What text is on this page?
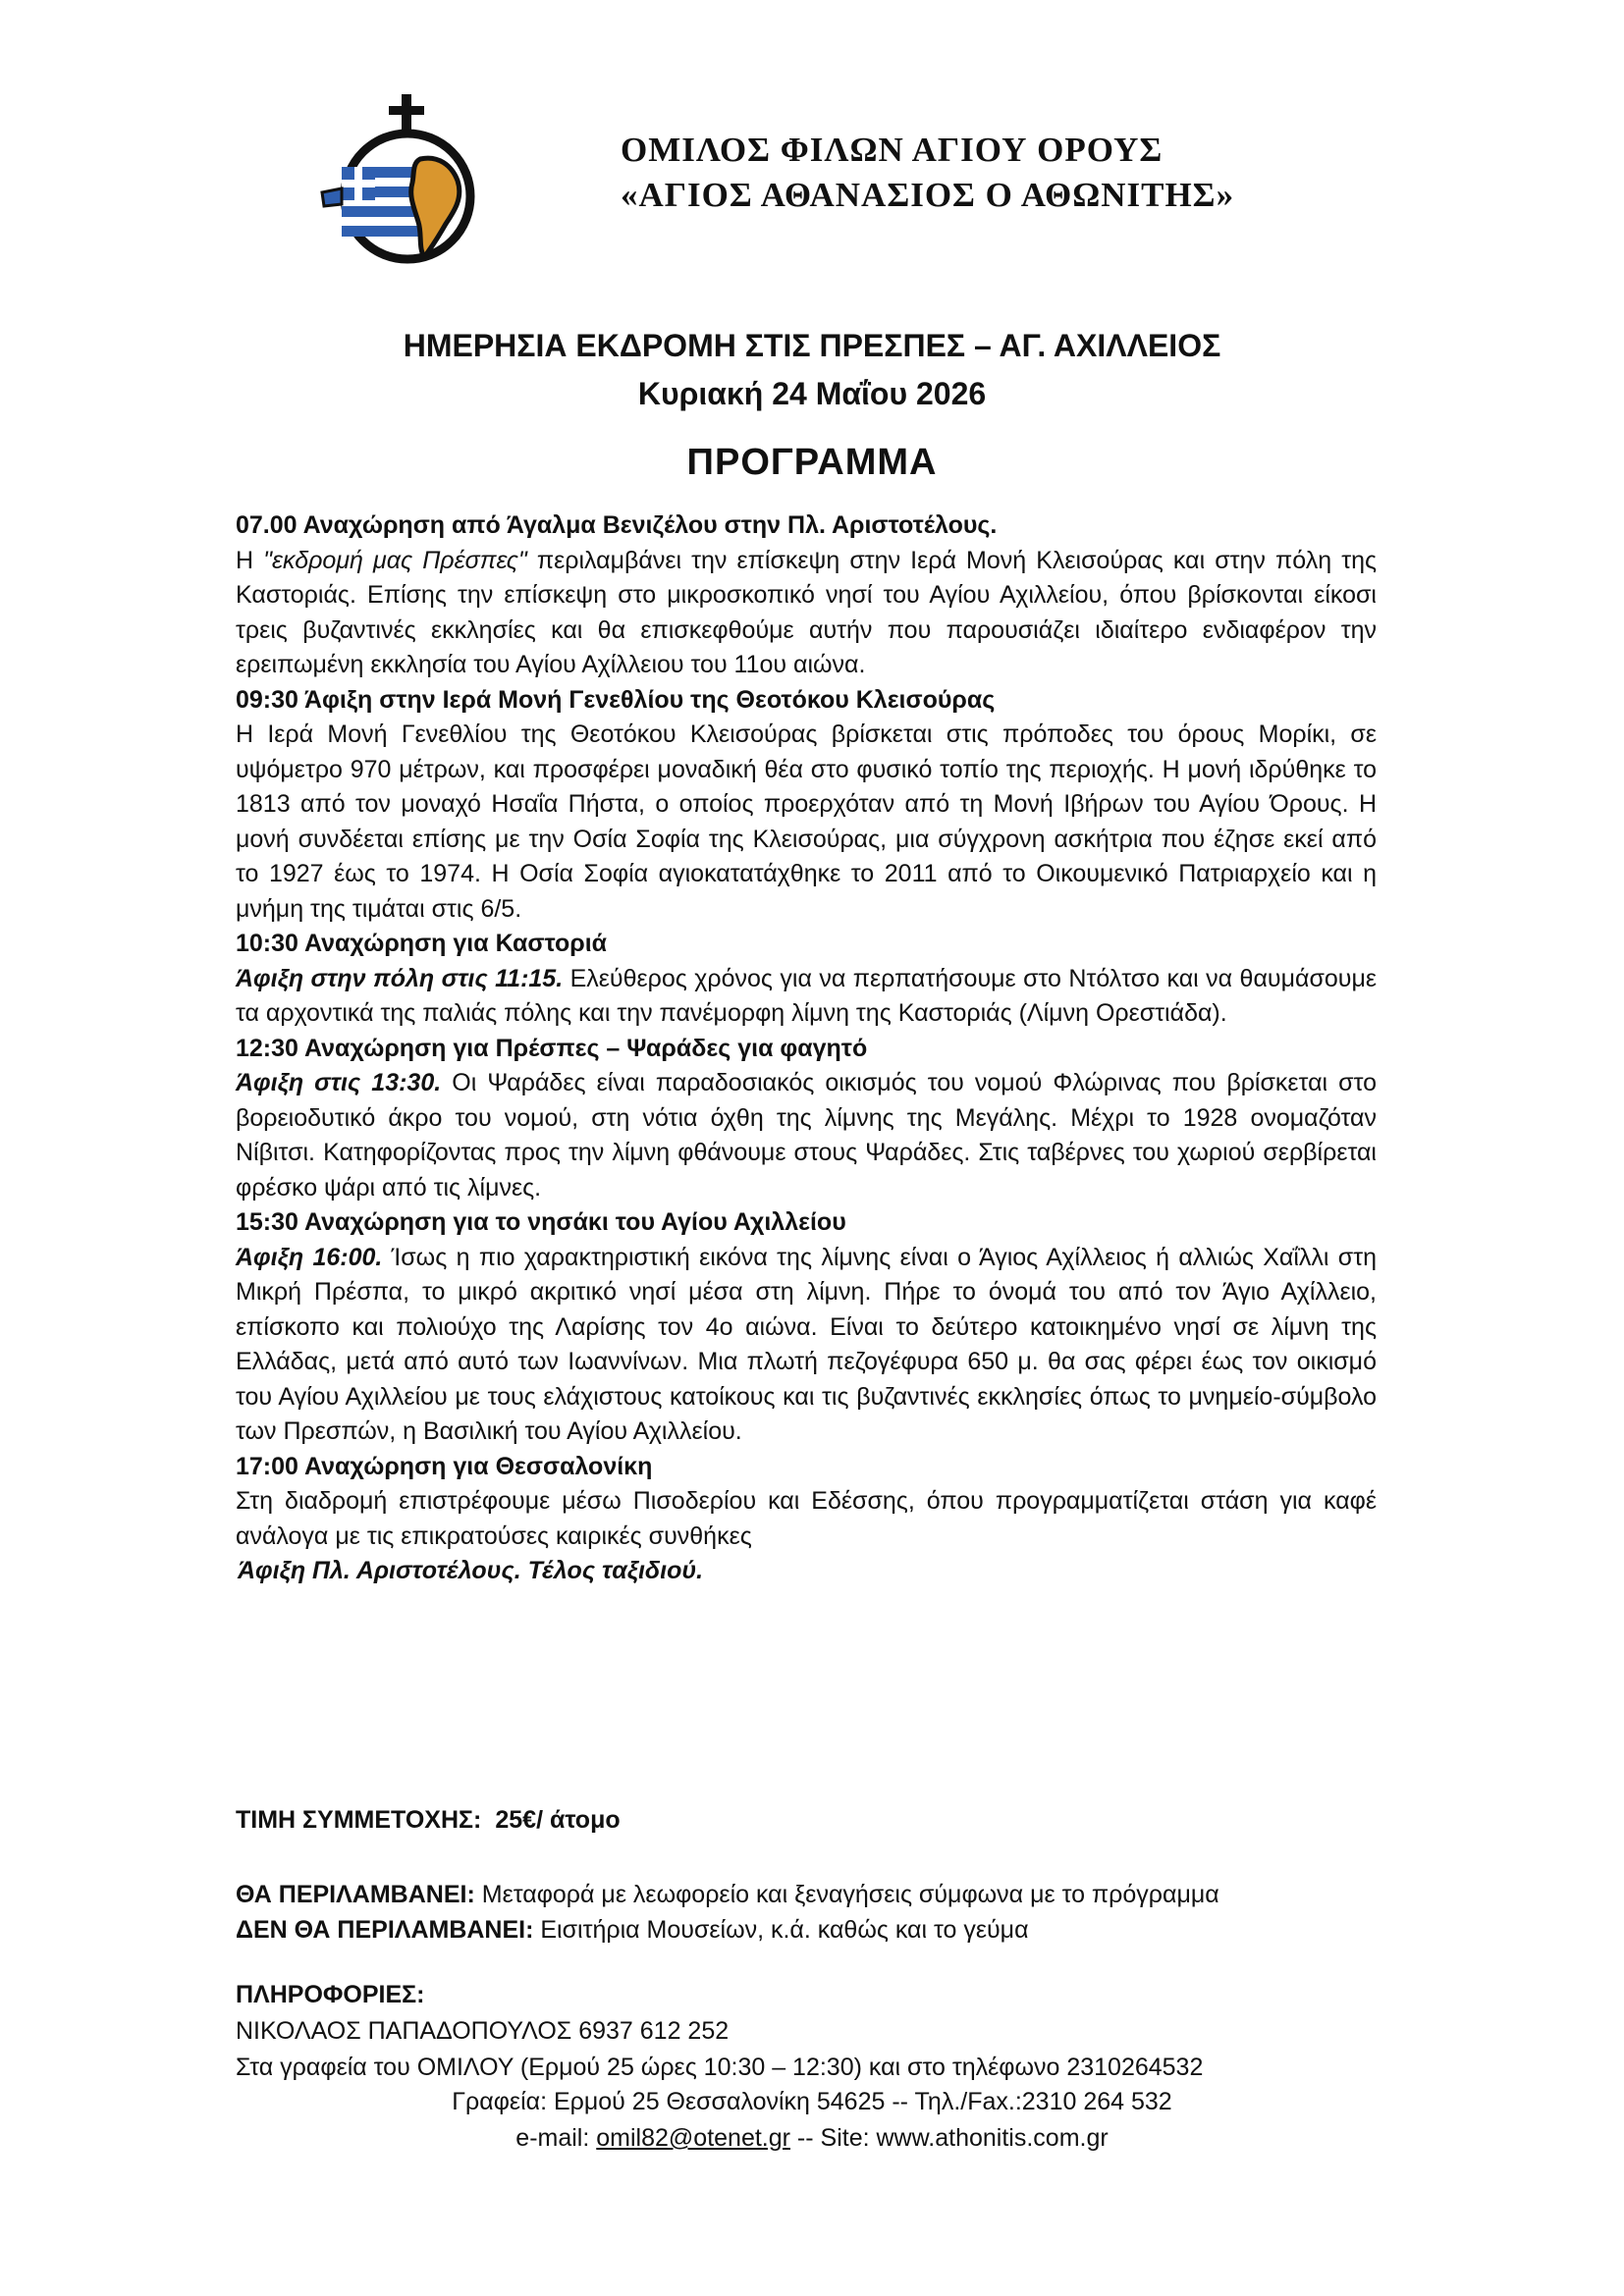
ΟΜΙΛΟΣ ΦΙΛΩΝ ΑΓΙΟΥ ΟΡΟΥΣ
«ΑΓΙΟΣ ΑΘΑΝΑΣΙΟΣ Ο ΑΘΩΝΙΤΗΣ»
ΗΜΕΡΗΣΙΑ ΕΚΔΡΟΜΗ ΣΤΙΣ ΠΡΕΣΠΕΣ – ΑΓ. ΑΧΙΛΛΕΙΟΣ
Κυριακή 24 Μαΐου 2026
ΠΡΟΓΡΑΜΜΑ

07.00 Αναχώρηση από Άγαλμα Βενιζέλου στην Πλ. Αριστοτέλους.

Η "εκδρομή μας Πρέσπες" περιλαμβάνει την επίσκεψη στην Ιερά Μονή Κλεισούρας και στην πόλη της Καστοριάς. Επίσης την επίσκεψη στο μικροσκοπικό νησί του Αγίου Αχιλλείου, όπου βρίσκονται είκοσι τρεις βυζαντινές εκκλησίες και θα επισκεφθούμε αυτήν που παρουσιάζει ιδιαίτερο ενδιαφέρον την ερειπωμένη εκκλησία του Αγίου Αχίλλειου του 11ου αιώνα.

09:30 Άφιξη στην Ιερά Μονή Γενεθλίου της Θεοτόκου Κλεισούρας

Η Ιερά Μονή Γενεθλίου της Θεοτόκου Κλεισούρας βρίσκεται στις πρόποδες του όρους Μορίκι, σε υψόμετρο 970 μέτρων, και προσφέρει μοναδική θέα στο φυσικό τοπίο της περιοχής. Η μονή ιδρύθηκε το 1813 από τον μοναχό Ησαΐα Πήστα, ο οποίος προερχόταν από τη Μονή Ιβήρων του Αγίου Όρους. Η μονή συνδέεται επίσης με την Οσία Σοφία της Κλεισούρας, μια σύγχρονη ασκήτρια που έζησε εκεί από το 1927 έως το 1974. Η Οσία Σοφία αγιοκατατάχθηκε το 2011 από το Οικουμενικό Πατριαρχείο και η μνήμη της τιμάται στις 6/5.

10:30 Αναχώρηση για Καστοριά

Άφιξη στην πόλη στις 11:15. Ελεύθερος χρόνος για να περπατήσουμε στο Ντόλτσο και να θαυμάσουμε τα αρχοντικά της παλιάς πόλης και την πανέμορφη λίμνη της Καστοριάς (Λίμνη Ορεστιάδα).

12:30 Αναχώρηση για Πρέσπες – Ψαράδες για φαγητό

Άφιξη στις 13:30. Οι Ψαράδες είναι παραδοσιακός οικισμός του νομού Φλώρινας που βρίσκεται στο βορειοδυτικό άκρο του νομού, στη νότια όχθη της λίμνης της Μεγάλης. Μέχρι το 1928 ονομαζόταν Νίβιτσι. Κατηφορίζοντας προς την λίμνη φθάνουμε στους Ψαράδες. Στις ταβέρνες του χωριού σερβίρεται φρέσκο ψάρι από τις λίμνες.

15:30 Αναχώρηση για το νησάκι του Αγίου Αχιλλείου

Άφιξη 16:00. Ίσως η πιο χαρακτηριστική εικόνα της λίμνης είναι ο Άγιος Αχίλλειος ή αλλιώς Χαΐλλι στη Μικρή Πρέσπα, το μικρό ακριτικό νησί μέσα στη λίμνη. Πήρε το όνομά του από τον Άγιο Αχίλλειο, επίσκοπο και πολιούχο της Λαρίσης τον 4ο αιώνα. Είναι το δεύτερο κατοικημένο νησί σε λίμνη της Ελλάδας, μετά από αυτό των Ιωαννίνων. Μια πλωτή πεζογέφυρα 650 μ. θα σας φέρει έως τον οικισμό του Αγίου Αχιλλείου με τους ελάχιστους κατοίκους και τις βυζαντινές εκκλησίες όπως το μνημείο-σύμβολο των Πρεσπών, η Βασιλική του Αγίου Αχιλλείου.

17:00 Αναχώρηση για Θεσσαλονίκη

Στη διαδρομή επιστρέφουμε μέσω Πισοδερίου και Εδέσσης, όπου προγραμματίζεται στάση για καφέ ανάλογα με τις επικρατούσες καιρικές συνθήκες

Άφιξη Πλ. Αριστοτέλους. Τέλος ταξιδιού.

ΤΙΜΗ ΣΥΜΜΕΤΟΧΗΣ: 25€/ άτομο
ΘΑ ΠΕΡΙΛΑΜΒΑΝΕΙ: Μεταφορά με λεωφορείο και ξεναγήσεις σύμφωνα με το πρόγραμμα
ΔΕΝ ΘΑ ΠΕΡΙΛΑΜΒΑΝΕΙ: Εισιτήρια Μουσείων, κ.ά. καθώς και το γεύμα
ΠΛΗΡΟΦΟΡΙΕΣ:
ΝΙΚΟΛΑΟΣ ΠΑΠΑΔΟΠΟΥΛΟΣ 6937 612 252
Στα γραφεία του ΟΜΙΛΟΥ (Ερμού 25 ώρες 10:30 – 12:30) και στο τηλέφωνο 2310264532
Γραφεία: Ερμού 25 Θεσσαλονίκη 54625 -- Τηλ./Fax.:2310 264 532
e-mail: omil82@otenet.gr -- Site: www.athonitis.com.gr
